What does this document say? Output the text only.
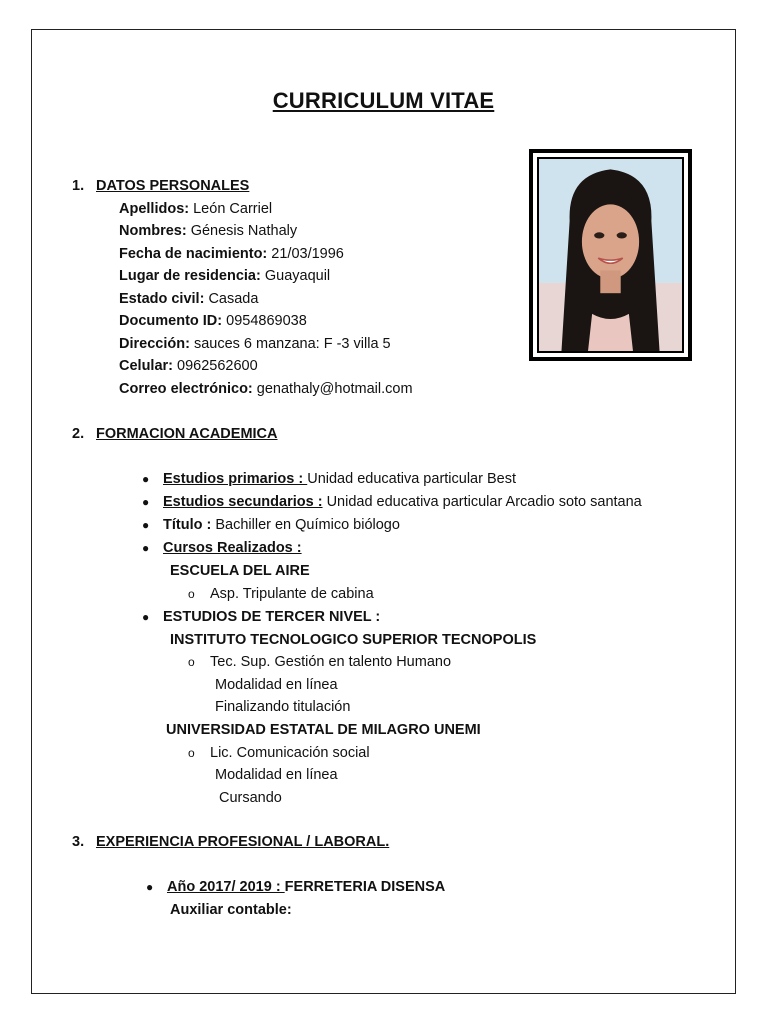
CURRICULUM VITAE
1. DATOS PERSONALES
Apellidos: León Carriel
Nombres: Génesis Nathaly
Fecha de nacimiento: 21/03/1996
Lugar de residencia: Guayaquil
Estado civil: Casada
Documento ID: 0954869038
Dirección: sauces 6 manzana: F -3 villa 5
Celular: 0962562600
Correo electrónico: genathaly@hotmail.com
2. FORMACION ACADEMICA
● Estudios primarios : Unidad educativa particular Best
● Estudios secundarios : Unidad educativa particular Arcadio soto santana
● Título : Bachiller en Químico biólogo
● Cursos Realizados :
ESCUELA DEL AIRE
o Asp. Tripulante de cabina
● ESTUDIOS DE TERCER NIVEL :
INSTITUTO TECNOLOGICO SUPERIOR TECNOPOLIS
o Tec. Sup. Gestión en talento Humano
Modalidad en línea
Finalizando titulación
UNIVERSIDAD ESTATAL DE MILAGRO UNEMI
o Lic. Comunicación social
Modalidad en línea
Cursando
3. EXPERIENCIA PROFESIONAL / LABORAL.
● Año 2017/ 2019 : FERRETERIA DISENSA
Auxiliar contable:
